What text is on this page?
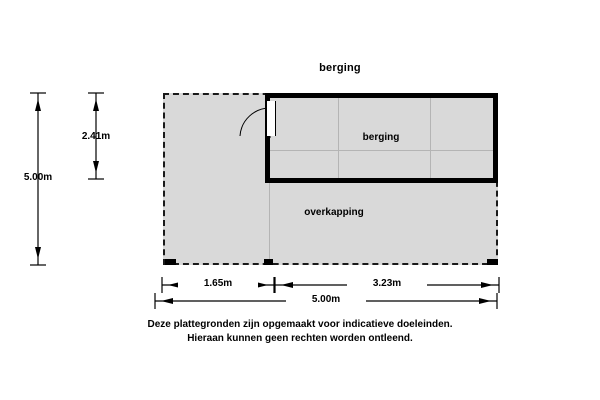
berging
berging
overkapping
5.00m
2.41m
1.65m	3.23m
5.00m
Deze plattegronden zijn opgemaakt voor indicatieve doeleinden.
Hieraan kunnen geen rechten worden ontleend.
